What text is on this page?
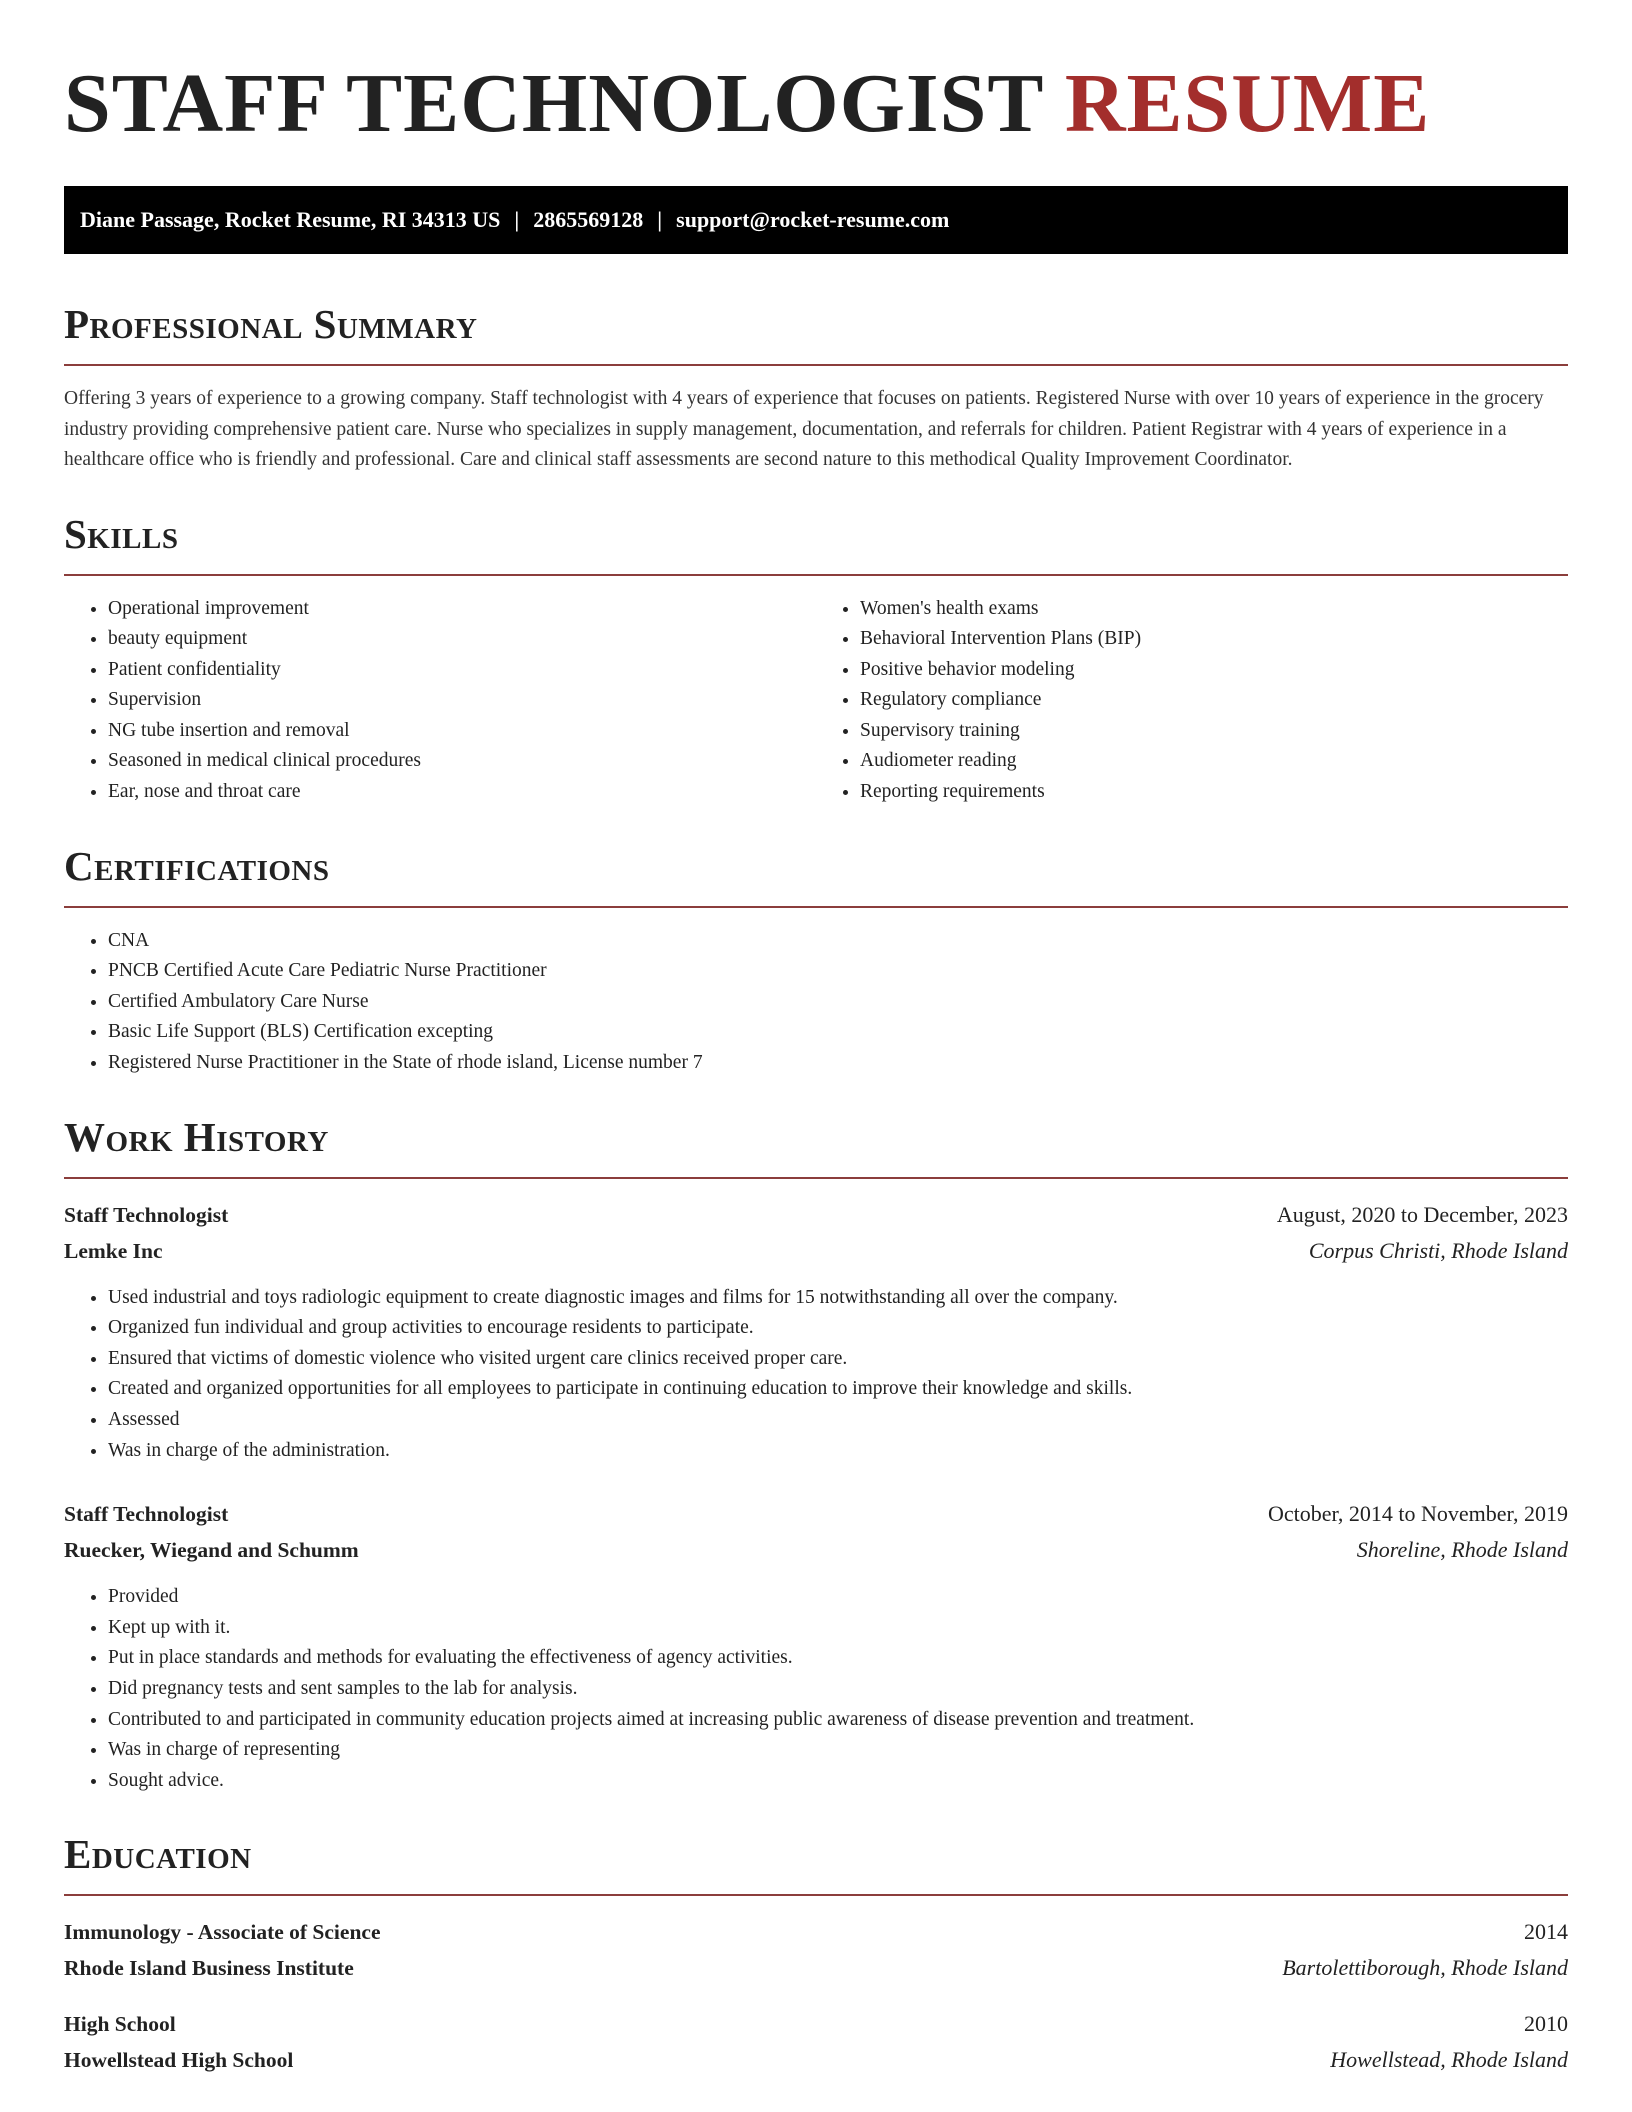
STAFF TECHNOLOGIST RESUME
Diane Passage, Rocket Resume, RI 34313 US | 2865569128 | support@rocket-resume.com
Professional Summary

Offering 3 years of experience to a growing company. Staff technologist with 4 years of experience that focuses on patients. Registered Nurse with over 10 years of experience in the grocery industry providing comprehensive patient care. Nurse who specializes in supply management, documentation, and referrals for children. Patient Registrar with 4 years of experience in a healthcare office who is friendly and professional. Care and clinical staff assessments are second nature to this methodical Quality Improvement Coordinator.

Skills
• Operational improvement
• beauty equipment
• Patient confidentiality
• Supervision
• NG tube insertion and removal
• Seasoned in medical clinical procedures
• Ear, nose and throat care
• Women's health exams
• Behavioral Intervention Plans (BIP)
• Positive behavior modeling
• Regulatory compliance
• Supervisory training
• Audiometer reading
• Reporting requirements
Certifications
• CNA
• PNCB Certified Acute Care Pediatric Nurse Practitioner
• Certified Ambulatory Care Nurse
• Basic Life Support (BLS) Certification excepting
• Registered Nurse Practitioner in the State of rhode island, License number 7
Work History
Staff Technologist	August, 2020 to December, 2023
Lemke Inc	Corpus Christi, Rhode Island
• Used industrial and toys radiologic equipment to create diagnostic images and films for 15 notwithstanding all over the company.
• Organized fun individual and group activities to encourage residents to participate.
• Ensured that victims of domestic violence who visited urgent care clinics received proper care.
• Created and organized opportunities for all employees to participate in continuing education to improve their knowledge and skills.
• Assessed
• Was in charge of the administration.
Staff Technologist	October, 2014 to November, 2019
Ruecker, Wiegand and Schumm	Shoreline, Rhode Island
• Provided
• Kept up with it.
• Put in place standards and methods for evaluating the effectiveness of agency activities.
• Did pregnancy tests and sent samples to the lab for analysis.
• Contributed to and participated in community education projects aimed at increasing public awareness of disease prevention and treatment.
• Was in charge of representing
• Sought advice.
Education
Immunology - Associate of Science	2014
Rhode Island Business Institute	Bartolettiborough, Rhode Island
High School	2010
Howellstead High School	Howellstead, Rhode Island
